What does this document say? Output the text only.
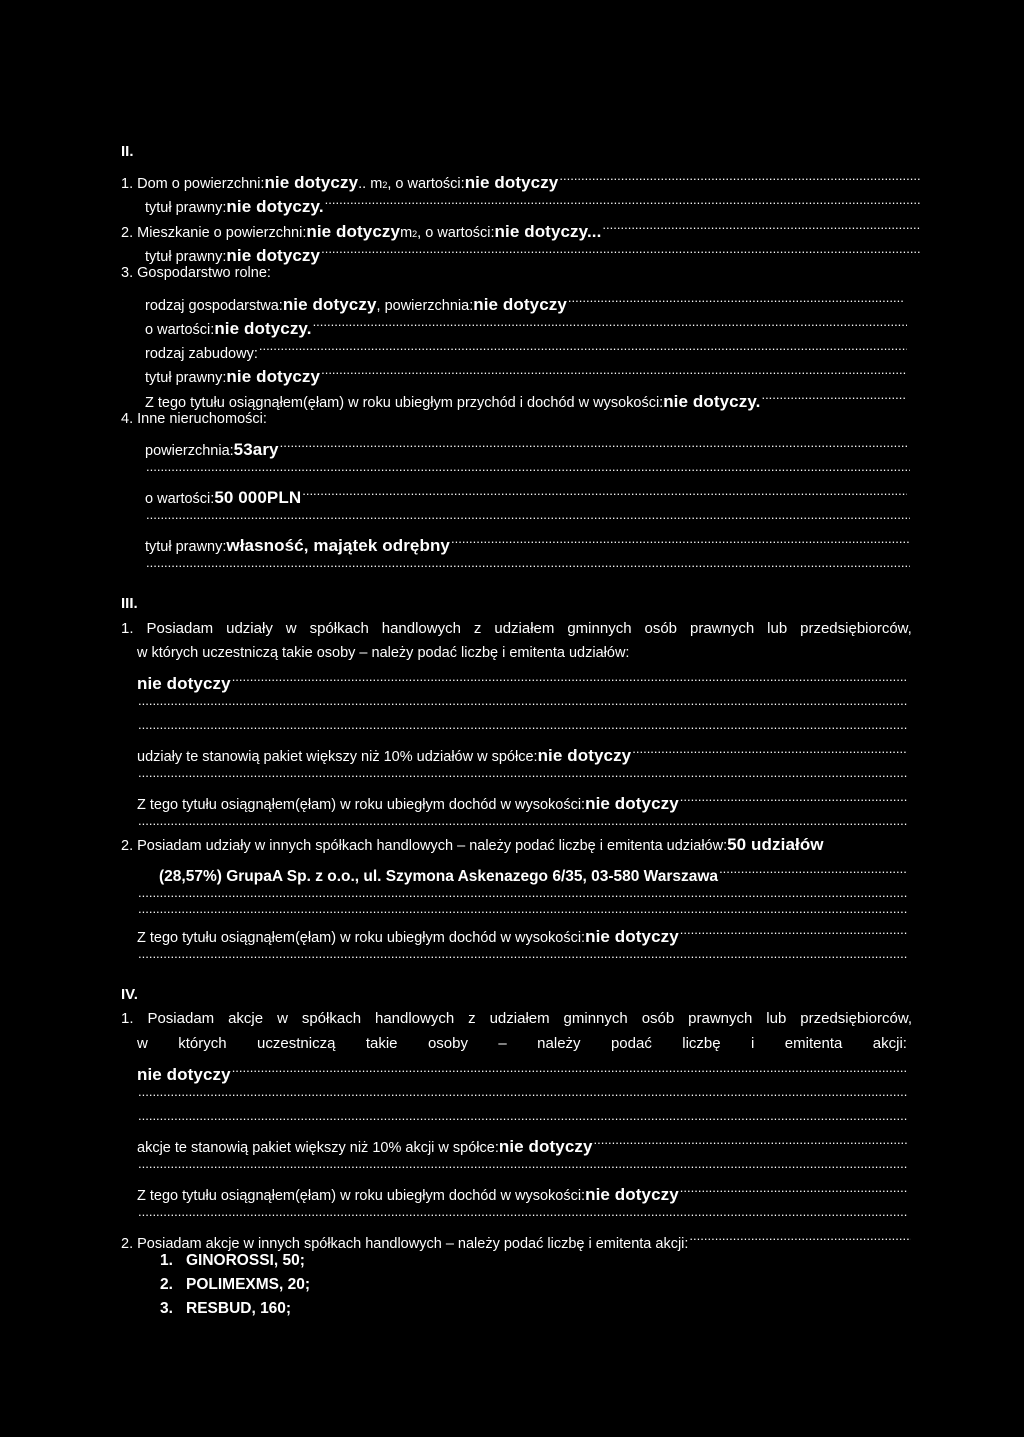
II.
1. Dom o powierzchni: nie dotyczy .. m 2 , o wartości: nie dotyczy
.....
tytuł prawny: nie dotyczy.
.....
2. Mieszkanie o powierzchni: nie dotyczy m 2 , o wartości: nie dotyczy...
.....
tytuł prawny: nie dotyczy
.....
3. Gospodarstwo rolne:
rodzaj gospodarstwa: nie dotyczy , powierzchnia: nie dotyczy
.....
o wartości: nie dotyczy.
.....
rodzaj zabudowy:
.....
tytuł prawny: nie dotyczy
.....
Z tego tytułu osiągnąłem(ęłam) w roku ubiegłym przychód i dochód w wysokości: nie dotyczy.
.....
4. Inne nieruchomości:
powierzchnia: 53ary
.....
.....
o wartości: 50 000PLN
.....
.....
tytuł prawny: własność, majątek odrębny
.....
.....
III.
1. Posiadam udziały w spółkach handlowych z udziałem gminnych osób prawnych lub przedsiębiorców,
w których uczestniczą takie osoby – należy podać liczbę i emitenta udziałów:
nie dotyczy
.....
.....
.....
udziały te stanowią pakiet większy niż 10% udziałów w spółce: nie dotyczy
.....
.....
Z tego tytułu osiągnąłem(ęłam) w roku ubiegłym dochód w wysokości: nie dotyczy
.....
.....
2. Posiadam udziały w innych spółkach handlowych – należy podać liczbę i emitenta udziałów: 50 udziałów
(28,57%) GrupaA Sp. z o.o., ul. Szymona Askenazego 6/35, 03-580 Warszawa
.....
.....
.....
Z tego tytułu osiągnąłem(ęłam) w roku ubiegłym dochód w wysokości: nie dotyczy
.....
.....
IV.
1. Posiadam akcje w spółkach handlowych z udziałem gminnych osób prawnych lub przedsiębiorców,
w których uczestniczą takie osoby – należy podać liczbę i emitenta akcji:
nie dotyczy
.....
.....
.....
akcje te stanowią pakiet większy niż 10% akcji w spółce: nie dotyczy
.....
.....
Z tego tytułu osiągnąłem(ęłam) w roku ubiegłym dochód w wysokości: nie dotyczy
.....
.....
2. Posiadam akcje w innych spółkach handlowych – należy podać liczbę i emitenta akcji:
.....
1. GINOROSSI, 50;
2. POLIMEXMS, 20;
3. RESBUD, 160;
